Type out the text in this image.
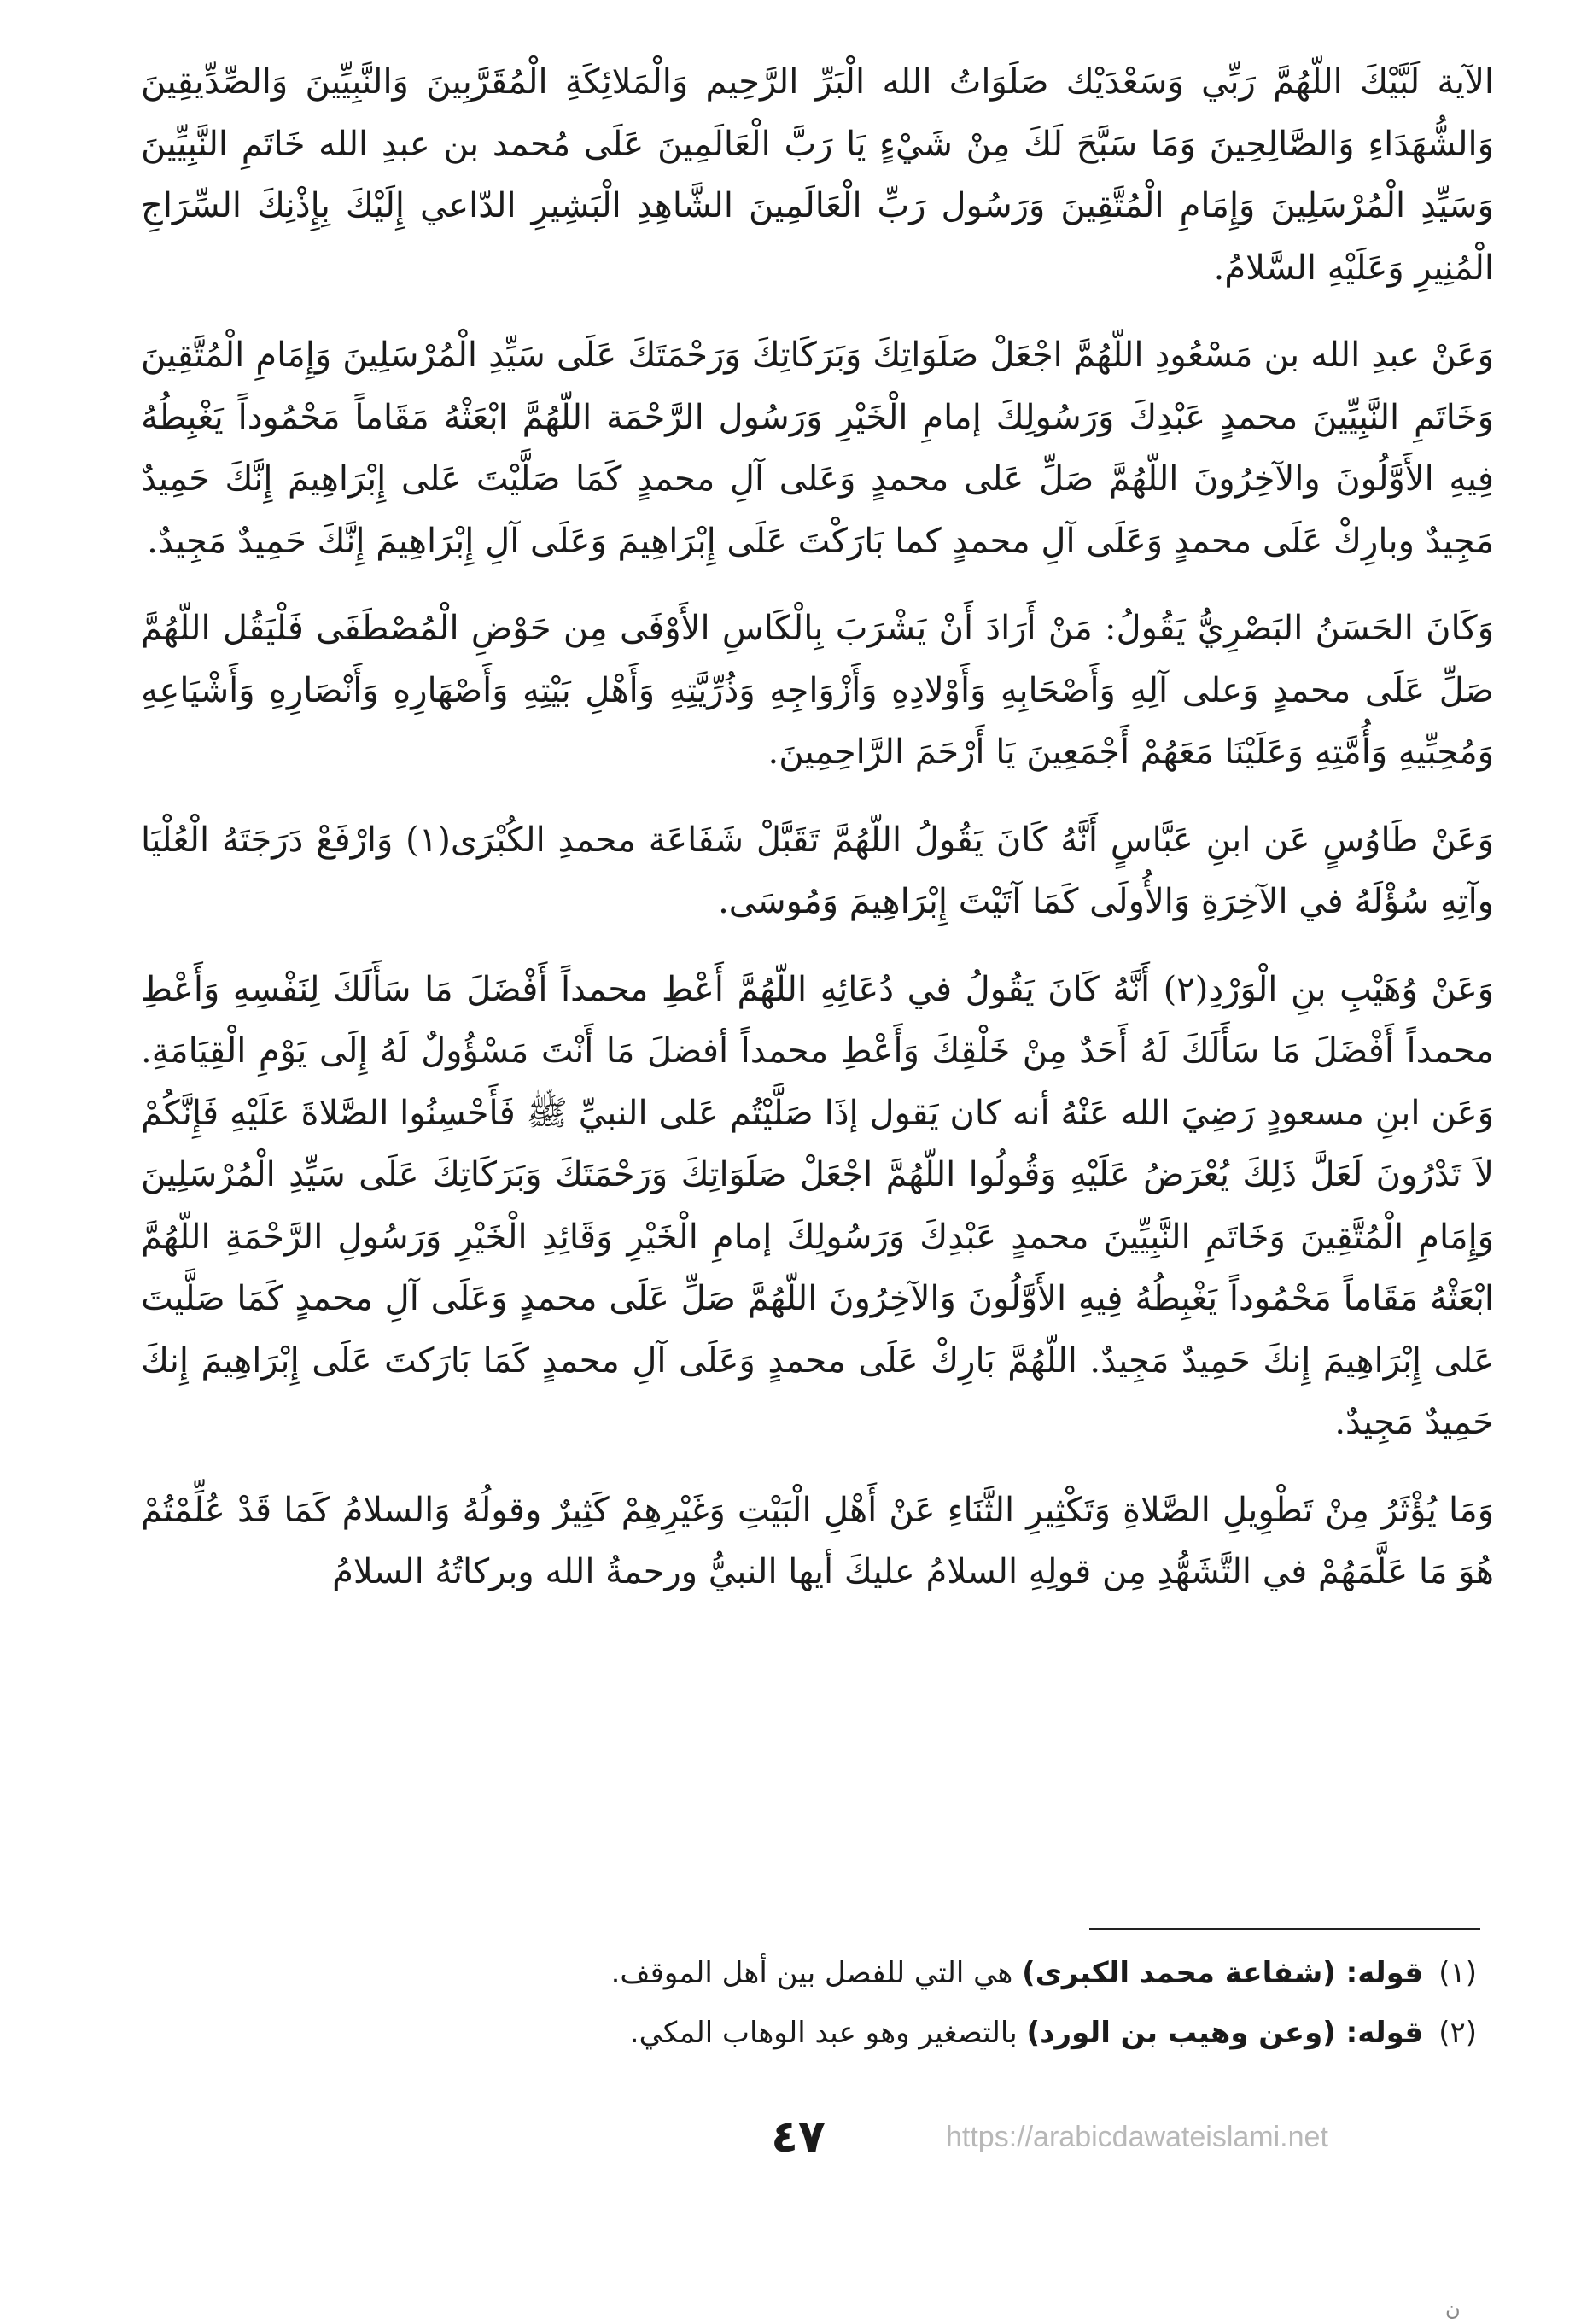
الآية لَبَّيْكَ اللّهُمَّ رَبِّي وَسَعْدَيْك صَلَوَاتُ الله الْبَرِّ الرَّحِيم وَالْمَلائِكَةِ الْمُقَرَّبِينَ وَالنَّبِيِّينَ وَالصِّدِّيقِينَ وَالشُّهَدَاءِ وَالصَّالِحِينَ وَمَا سَبَّحَ لَكَ مِنْ شَيْءٍ يَا رَبَّ الْعَالَمِينَ عَلَى مُحمد بن عبدِ الله خَاتَمِ النَّبِيِّينَ وَسَيِّدِ الْمُرْسَلِينَ وَإِمَامِ الْمُتَّقِينَ وَرَسُول رَبِّ الْعَالَمِينَ الشَّاهِدِ الْبَشِيرِ الدّاعي إِلَيْكَ بِإِذْنِكَ السِّرَاجِ الْمُنِيرِ وَعَلَيْهِ السَّلامُ.

وَعَنْ عبدِ الله بن مَسْعُودِ اللّهُمَّ اجْعَلْ صَلَوَاتِكَ وَبَرَكَاتِكَ وَرَحْمَتَكَ عَلَى سَيِّدِ الْمُرْسَلِينَ وَإِمَامِ الْمُتَّقِينَ وَخَاتَمِ النَّبِيِّينَ محمدٍ عَبْدِكَ وَرَسُولِكَ إمامِ الْخَيْرِ وَرَسُول الرَّحْمَة اللّهُمَّ ابْعَثْهُ مَقَاماً مَحْمُوداً يَغْبِطُهُ فِيهِ الأَوَّلُونَ والآخِرُونَ اللّهُمَّ صَلِّ عَلى محمدٍ وَعَلى آلِ محمدٍ كَمَا صَلَّيْتَ عَلى إِبْرَاهِيمَ إِنَّكَ حَمِيدٌ مَجِيدٌ وبارِكْ عَلَى محمدٍ وَعَلَى آلِ محمدٍ كما بَارَكْتَ عَلَى إِبْرَاهِيمَ وَعَلَى آلِ إِبْرَاهِيمَ إِنَّكَ حَمِيدٌ مَجِيدٌ.

وَكَانَ الحَسَنُ البَصْرِيُّ يَقُولُ: مَنْ أَرَادَ أَنْ يَشْرَبَ بِالْكَاسِ الأَوْفَى مِن حَوْضِ الْمُصْطَفَى فَلْيَقُل اللّهُمَّ صَلِّ عَلَى محمدٍ وَعلى آلِهِ وَأَصْحَابِهِ وَأَوْلادِهِ وَأَزْوَاجِهِ وَذُرِّيَّتِهِ وَأَهْلِ بَيْتِهِ وَأَصْهَارِهِ وَأَنْصَارِهِ وَأَشْيَاعِهِ وَمُحِبِّيهِ وَأُمَّتِهِ وَعَلَيْنَا مَعَهُمْ أَجْمَعِينَ يَا أَرْحَمَ الرَّاحِمِينَ.

وَعَنْ طَاوُسٍ عَن ابنِ عَبَّاسٍ أَنَّهُ كَانَ يَقُولُ اللّهُمَّ تَقَبَّلْ شَفَاعَة محمدِ الكُبْرَى(١) وَارْفَعْ دَرَجَتَهُ الْعُلْيَا وآتِهِ سُؤْلَهُ في الآخِرَةِ وَالأُولَى كَمَا آتَيْتَ إِبْرَاهِيمَ وَمُوسَى.

وَعَنْ وُهَيْبِ بنِ الْوَرْدِ(٢) أَنَّهُ كَانَ يَقُولُ في دُعَائِهِ اللّهُمَّ أَعْطِ محمداً أَفْضَلَ مَا سَأَلَكَ لِنَفْسِهِ وَأَعْطِ محمداً أَفْضَلَ مَا سَأَلَكَ لَهُ أَحَدٌ مِنْ خَلْقِكَ وَأَعْطِ محمداً أفضلَ مَا أَنْتَ مَسْؤُولٌ لَهُ إِلَى يَوْمِ الْقِيَامَةِ. وَعَن ابنِ مسعودٍ رَضِيَ الله عَنْهُ أنه كان يَقول إذَا صَلَّيْتُم عَلى النبيِّ ﷺ فَأَحْسِنُوا الصَّلاةَ عَلَيْهِ فَإِنَّكُمْ لاَ تَدْرُونَ لَعَلَّ ذَلِكَ يُعْرَضُ عَلَيْهِ وَقُولُوا اللّهُمَّ اجْعَلْ صَلَوَاتِكَ وَرَحْمَتَكَ وَبَرَكَاتِكَ عَلَى سَيِّدِ الْمُرْسَلِينَ وَإِمَامِ الْمُتَّقِينَ وَخَاتَمِ النَّبِيِّينَ محمدٍ عَبْدِكَ وَرَسُولِكَ إمامِ الْخَيْرِ وَقَائِدِ الْخَيْرِ وَرَسُولِ الرَّحْمَةِ اللّهُمَّ ابْعَثْهُ مَقَاماً مَحْمُوداً يَغْبِطُهُ فِيهِ الأَوَّلُونَ وَالآخِرُونَ اللّهُمَّ صَلِّ عَلَى محمدٍ وَعَلَى آلِ محمدٍ كَمَا صَلَّيتَ عَلى إِبْرَاهِيمَ إِنكَ حَمِيدٌ مَجِيدٌ. اللّهُمَّ بَارِكْ عَلَى محمدٍ وَعَلَى آلِ محمدٍ كَمَا بَارَكتَ عَلَى إِبْرَاهِيمَ إِنكَ حَمِيدٌ مَجِيدٌ.

وَمَا يُؤْثَرُ مِنْ تَطْوِيلِ الصَّلاةِ وَتَكْثِيرِ الثَّنَاءِ عَنْ أَهْلِ الْبَيْتِ وَغَيْرِهِمْ كَثِيرٌ وقولُهُ وَالسلامُ كَمَا قَدْ عُلِّمْتُمْ هُوَ مَا عَلَّمَهُمْ في التَّشَهُّدِ مِن قولِهِ السلامُ عليكَ أيها النبيُّ ورحمةُ الله وبركاتُهُ السلامُ

(١)قوله: (شفاعة محمد الكبرى) هي التي للفصل بين أهل الموقف.

(٢)قوله: (وعن وهيب بن الورد) بالتصغير وهو عبد الوهاب المكي.

٤٧	https://arabicdawateislami.net
ن
